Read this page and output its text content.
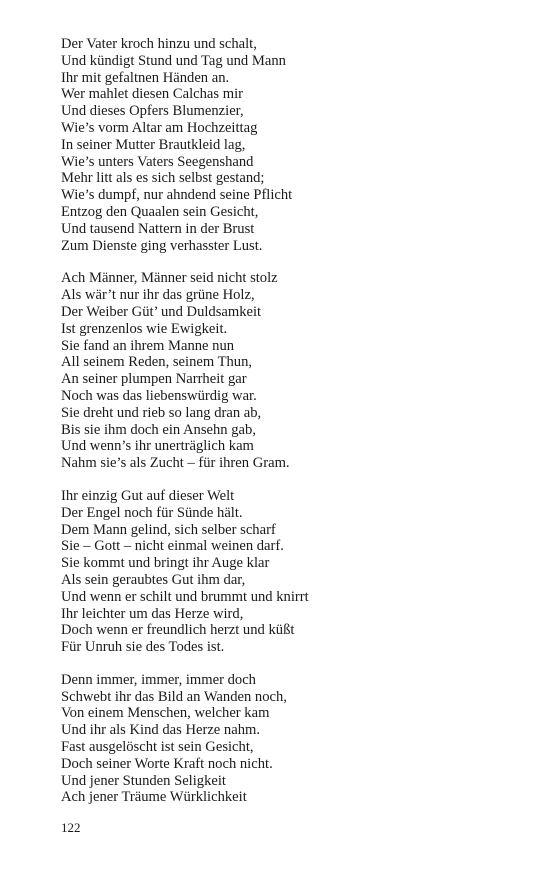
Der Vater kroch hinzu und schalt,
Und kündigt Stund und Tag und Mann
Ihr mit gefaltnen Händen an.
Wer mahlet diesen Calchas mir
Und dieses Opfers Blumenzier,
Wie’s vorm Altar am Hochzeittag
In seiner Mutter Brautkleid lag,
Wie’s unters Vaters Seegenshand
Mehr litt als es sich selbst gestand;
Wie’s dumpf, nur ahndend seine Pflicht
Entzog den Quaalen sein Gesicht,
Und tausend Nattern in der Brust
Zum Dienste ging verhasster Lust.
Ach Männer, Männer seid nicht stolz
Als wär’t nur ihr das grüne Holz,
Der Weiber Güt’ und Duldsamkeit
Ist grenzenlos wie Ewigkeit.
Sie fand an ihrem Manne nun
All seinem Reden, seinem Thun,
An seiner plumpen Narrheit gar
Noch was das liebenswürdig war.
Sie dreht und rieb so lang dran ab,
Bis sie ihm doch ein Ansehn gab,
Und wenn’s ihr unerträglich kam
Nahm sie’s als Zucht – für ihren Gram.
Ihr einzig Gut auf dieser Welt
Der Engel noch für Sünde hält.
Dem Mann gelind, sich selber scharf
Sie – Gott – nicht einmal weinen darf.
Sie kommt und bringt ihr Auge klar
Als sein geraubtes Gut ihm dar,
Und wenn er schilt und brummt und knirrt
Ihr leichter um das Herze wird,
Doch wenn er freundlich herzt und küßt
Für Unruh sie des Todes ist.
Denn immer, immer, immer doch
Schwebt ihr das Bild an Wanden noch,
Von einem Menschen, welcher kam
Und ihr als Kind das Herze nahm.
Fast ausgelöscht ist sein Gesicht,
Doch seiner Worte Kraft noch nicht.
Und jener Stunden Seligkeit
Ach jener Träume Würklichkeit
122
